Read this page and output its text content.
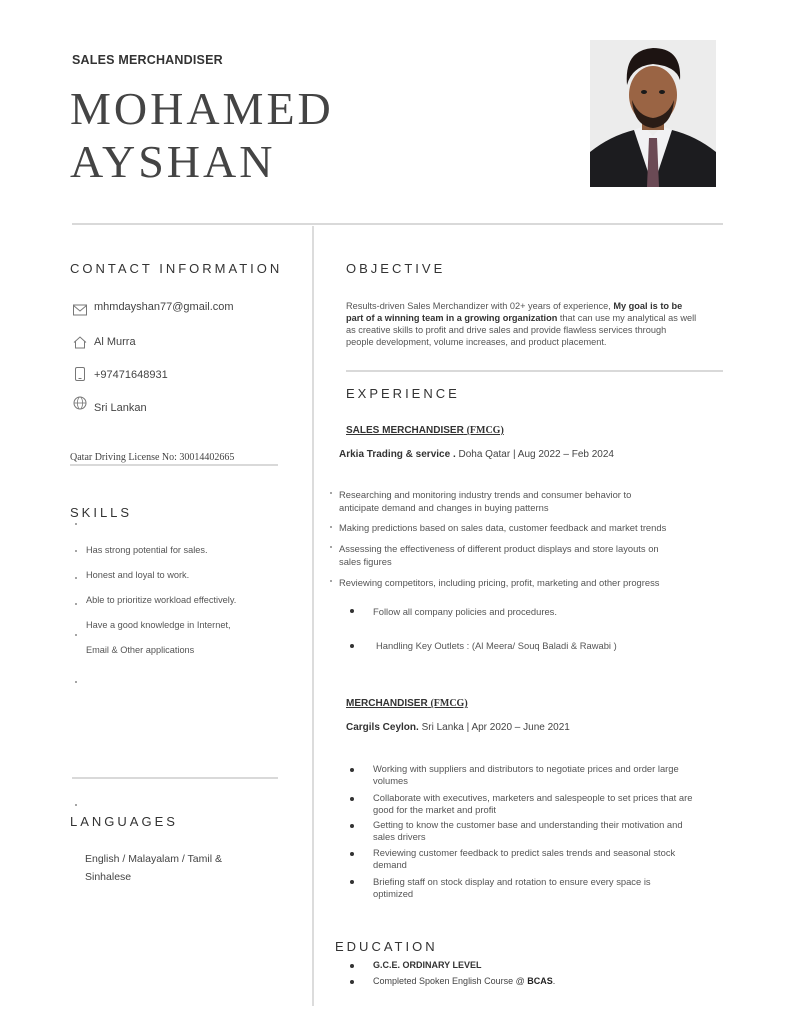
SALES MERCHANDISER
MOHAMED
AYSHAN
CONTACT INFORMATION
mhmdayshan77@gmail.com
Al Murra
+97471648931
Sri Lankan
Qatar Driving License No: 30014402665
SKILLS
Has strong potential for sales.
Honest and loyal to work.
Able to prioritize workload effectively.
Have a good knowledge in Internet,
Email & Other applications
LANGUAGES
English / Malayalam / Tamil &
Sinhalese
OBJECTIVE
Results-driven Sales Merchandizer with 02+ years of experience, My goal is to be
part of a winning team in a growing organization that can use my analytical as well
as creative skills to profit and drive sales and provide flawless services through
people development, volume increases, and product placement.
EXPERIENCE
SALES MERCHANDISER (FMCG)
Arkia Trading & service . Doha Qatar | Aug 2022 – Feb 2024
Researching and monitoring industry trends and consumer behavior to
anticipate demand and changes in buying patterns
Making predictions based on sales data, customer feedback and market trends
Assessing the effectiveness of different product displays and store layouts on
sales figures
Reviewing competitors, including pricing, profit, marketing and other progress
Follow all company policies and procedures.
Handling Key Outlets : (Al Meera/ Souq Baladi & Rawabi )
MERCHANDISER (FMCG)
Cargils Ceylon. Sri Lanka | Apr 2020 – June 2021
Working with suppliers and distributors to negotiate prices and order large
volumes
Collaborate with executives, marketers and salespeople to set prices that are
good for the market and profit
Getting to know the customer base and understanding their motivation and
sales drivers
Reviewing customer feedback to predict sales trends and seasonal stock
demand
Briefing staff on stock display and rotation to ensure every space is
optimized
EDUCATION
G.C.E. ORDINARY LEVEL
Completed Spoken English Course @ BCAS.
